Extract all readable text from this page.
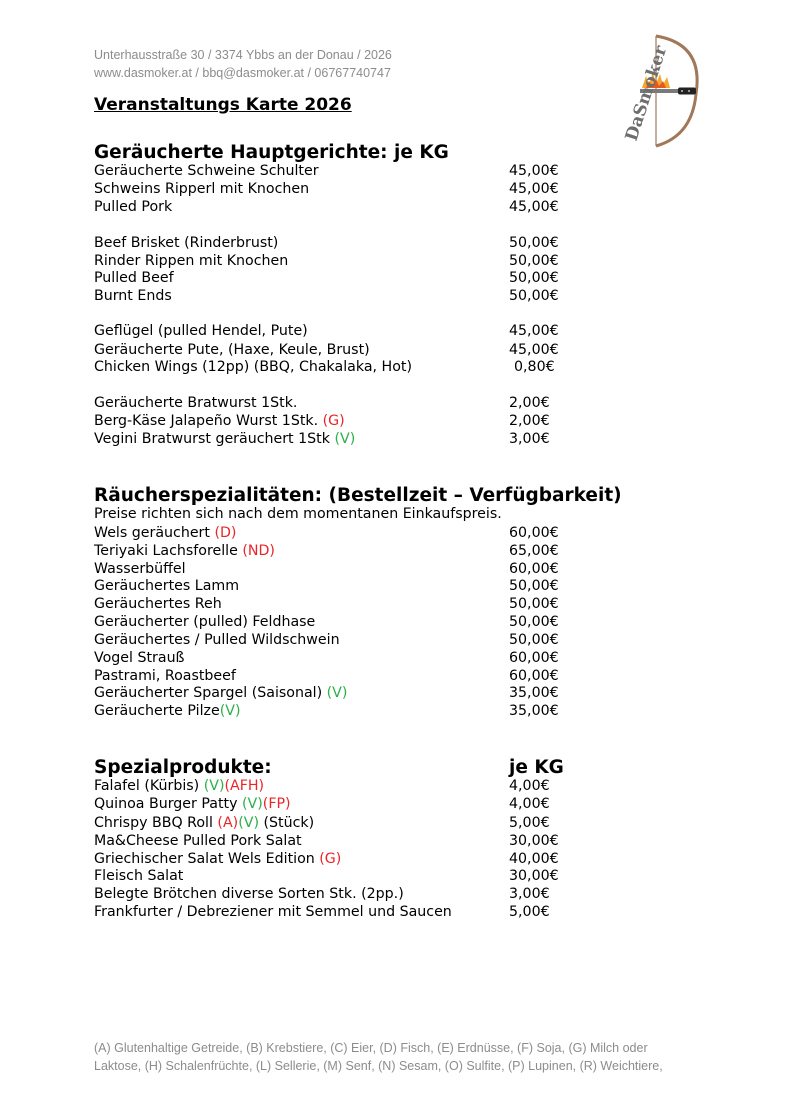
Unterhausstraße 30 / 3374 Ybbs an der Donau / 2026
www.dasmoker.at / bbq@dasmoker.at / 06767740747
Veranstaltungs Karte 2026	DaSmoker
Geräucherte Hauptgerichte: je KG
Geräucherte Schweine Schulter	45,00€
Schweins Ripperl mit Knochen	45,00€
Pulled Pork	45,00€
Beef Brisket (Rinderbrust)	50,00€
Rinder Rippen mit Knochen	50,00€
Pulled Beef	50,00€
Burnt Ends	50,00€
Geflügel (pulled Hendel, Pute)	45,00€
Geräucherte Pute, (Haxe, Keule, Brust)	45,00€
Chicken Wings (12pp) (BBQ, Chakalaka, Hot)	0,80€
Geräucherte Bratwurst 1Stk.	2,00€
Berg-Käse Jalapeño Wurst 1Stk. (G)	2,00€
Vegini Bratwurst geräuchert 1Stk (V)	3,00€
Räucherspezialitäten: (Bestellzeit – Verfügbarkeit)
Preise richten sich nach dem momentanen Einkaufspreis.
Wels geräuchert (D)	60,00€
Teriyaki Lachsforelle (ND)	65,00€
Wasserbüffel	60,00€
Geräuchertes Lamm	50,00€
Geräuchertes Reh	50,00€
Geräucherter (pulled) Feldhase	50,00€
Geräuchertes / Pulled Wildschwein	50,00€
Vogel Strauß	60,00€
Pastrami, Roastbeef	60,00€
Geräucherter Spargel (Saisonal) (V)	35,00€
Geräucherte Pilze(V)	35,00€
Spezialprodukte:	je KG
Falafel (Kürbis) (V)(AFH)	4,00€
Quinoa Burger Patty (V)(FP)	4,00€
Chrispy BBQ Roll (A)(V) (Stück)	5,00€
Ma&Cheese Pulled Pork Salat	30,00€
Griechischer Salat Wels Edition (G)	40,00€
Fleisch Salat	30,00€
Belegte Brötchen diverse Sorten Stk. (2pp.)	3,00€
Frankfurter / Debreziener mit Semmel und Saucen	5,00€
(A) Glutenhaltige Getreide, (B) Krebstiere, (C) Eier, (D) Fisch, (E) Erdnüsse, (F) Soja, (G) Milch oder
Laktose, (H) Schalenfrüchte, (L) Sellerie, (M) Senf, (N) Sesam, (O) Sulfite, (P) Lupinen, (R) Weichtiere,
